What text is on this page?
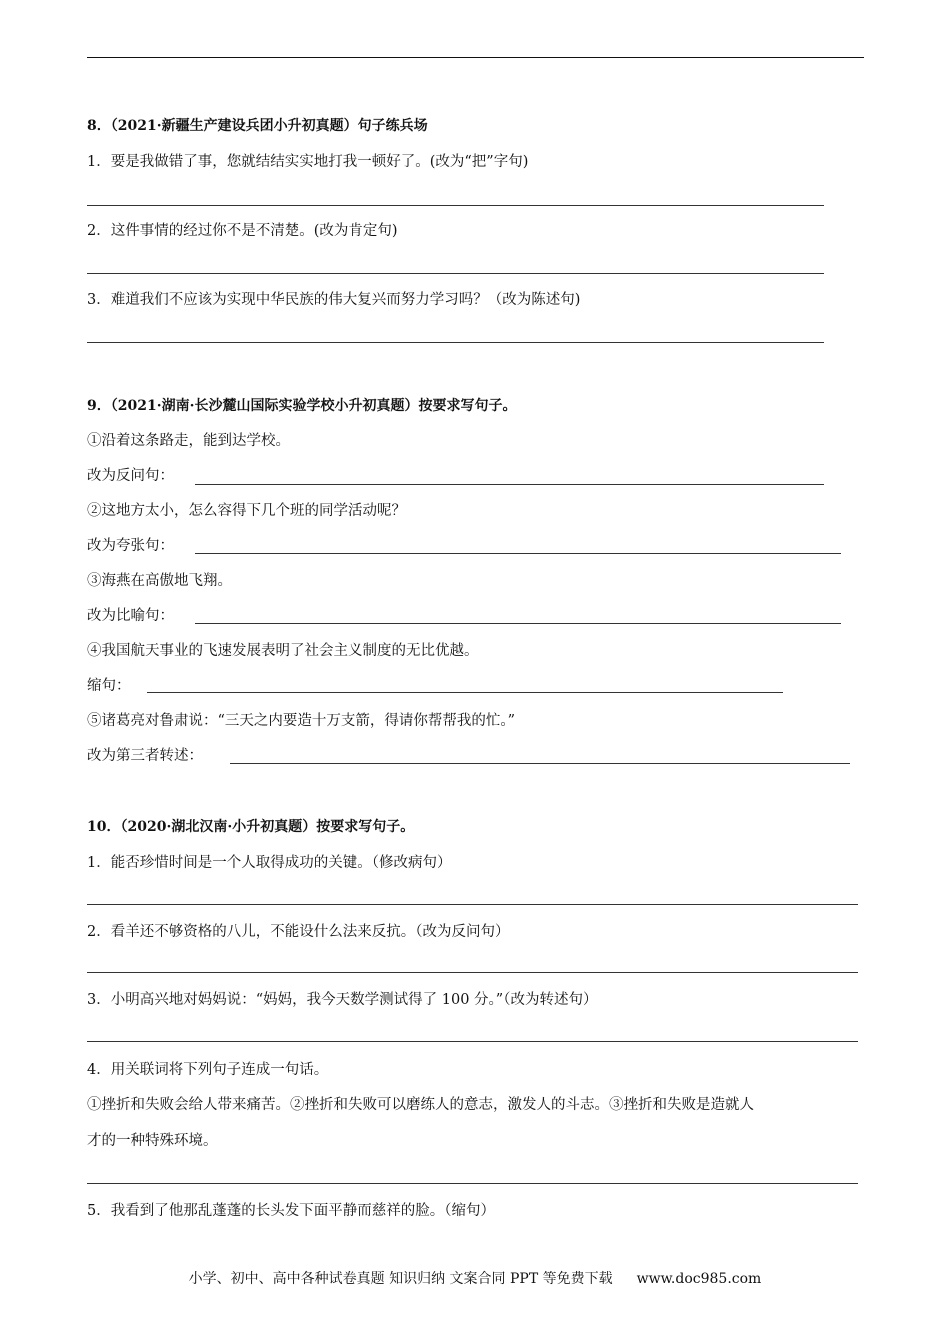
8．（2021·新疆生产建设兵团小升初真题）句子练兵场
1．要是我做错了事，您就结结实实地打我一顿好了。(改为“把”字句)
2．这件事情的经过你不是不清楚。(改为肯定句)
3．难道我们不应该为实现中华民族的伟大复兴而努力学习吗？（改为陈述句)
9．（2021·湖南·长沙麓山国际实验学校小升初真题）按要求写句子。
①沿着这条路走，能到达学校。
改为反问句：
②这地方太小，怎么容得下几个班的同学活动呢？
改为夸张句：
③海燕在高傲地飞翔。
改为比喻句：
④我国航天事业的飞速发展表明了社会主义制度的无比优越。
缩句：
⑤诸葛亮对鲁肃说：“三天之内要造十万支箭，得请你帮帮我的忙。”
改为第三者转述：
10．（2020·湖北汉南·小升初真题）按要求写句子。
1．能否珍惜时间是一个人取得成功的关键。（修改病句）
2．看羊还不够资格的八儿，不能设什么法来反抗。（改为反问句）
3．小明高兴地对妈妈说：“妈妈，我今天数学测试得了 100 分。”（改为转述句）
4．用关联词将下列句子连成一句话。
①挫折和失败会给人带来痛苦。②挫折和失败可以磨练人的意志，激发人的斗志。③挫折和失败是造就人
才的一种特殊环境。
5．我看到了他那乱蓬蓬的长头发下面平静而慈祥的脸。（缩句）
小学、初中、高中各种试卷真题 知识归纳 文案合同 PPT 等免费下载 www.doc985.com
